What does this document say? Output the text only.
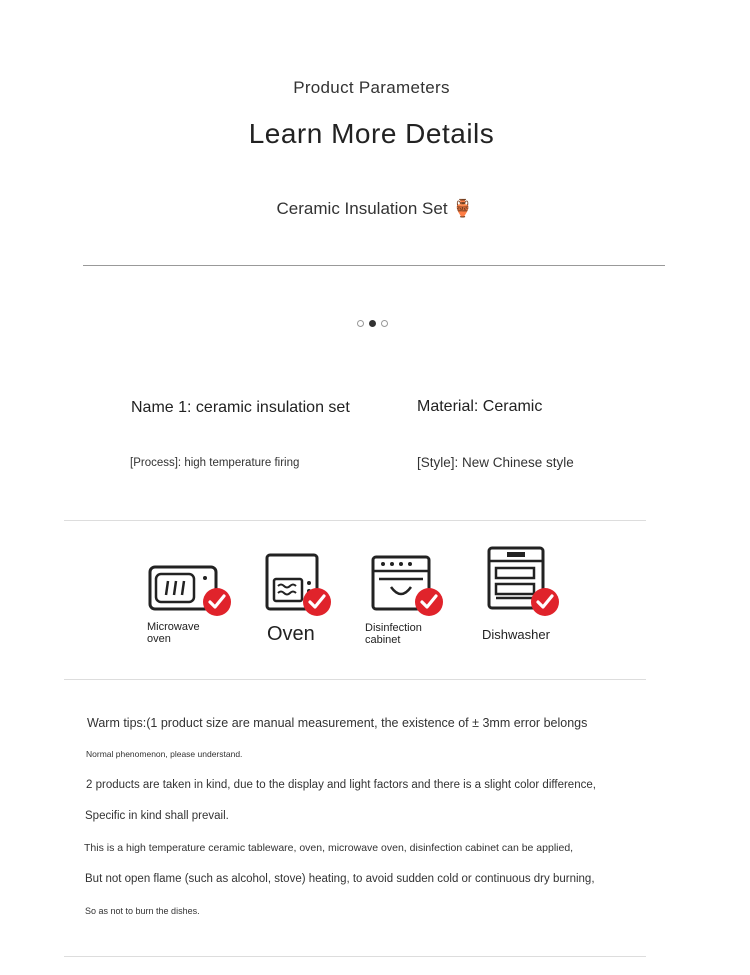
Product Parameters
Learn More Details
Ceramic Insulation Set 🏺
Name 1: ceramic insulation set	Material: Ceramic
[Process]: high temperature firing	[Style]: New Chinese style
Microwave oven	Oven	Disinfection cabinet	Dishwasher
Warm tips:(1 product size are manual measurement, the existence of ± 3mm error belongs
Normal phenomenon, please understand.
2 products are taken in kind, due to the display and light factors and there is a slight color difference,
Specific in kind shall prevail.
This is a high temperature ceramic tableware, oven, microwave oven, disinfection cabinet can be applied,
But not open flame (such as alcohol, stove) heating, to avoid sudden cold or continuous dry burning,
So as not to burn the dishes.
